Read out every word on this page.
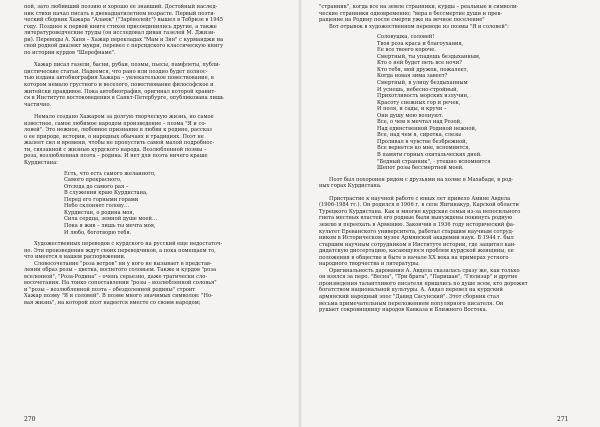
пой, зато любивший поэзию и хорошо ее знавший. Достойный наслед-

ник стихи начал писать в двенадцатилетнем возрасте. Первый поэти-

ческий сборник Хажара "Алаюк" ("Зарёволейс") вышел в Тебризе в 1945

году. Позднее к первой книге стихов присоединились другие, а также

литературоведческие труды (он исследовал диван газелей М. Джизи-

ри). Переводы А. Ханя – Хажар перекладах "Мам и Зин" с курманджи на

свой родной диалект мукри, перевел с персидского классическую книгу

по истории курдов "Шерефнаме".

Хажар писал газели, басни, рубаи, поэмы, пьесы, памфлеты, публи-

цистические статьи. Надеемся, что рано или поздно будет полнос-

тью издана автобиография Хажара – увлекательное повествование, в

котором немало грустного и веселого, повествование философское и

житейски правдивое. Пока автобиография, оригинал которой хранит-

ся в Институте востоковедения в Санкт-Петербурге, опубликована лишь

частично.

Немало создано Хажаром за долгую творческую жизнь, но самое

известное, самое любимое народом произведение – поэма "Я и со-

ловей". Это нежное, любовное признание в любви к родине, рассказ

о ее природе, истории, о народных обычаях и традициях. Поэт не

жалеет сил и времени, чтобы не пропустить самой малой подробнос-

ти, связанной с жизнью курдского народа. Возлюбленной поэмы –

роза, возлюбленная поэта – родина. И нет для поэта ничего краше

Курдистана:

Есть, что есть самого желанного,
Самого прекрасного,
Отсюда до самого рая –
В служении краю Курдистана,
Перед его горными горами
Небо склоняет голову…
Курдистан, о родина моя,
Сила сердца, земной душе моей…
Пока я жив – лишь ты мечта моя,
И любо, боготворю тебя.

Художественных переводов с курдского на русский еще недостаточ-

но. Эти произведения ждут своих переводчиков, а пока помещаем то,

что имеется в нашем распоряжении.

Словосочетание "роза ветров" ни у кого не вызывает в представ-

лении образ розы – цветка, воспетого соловьем. Также и курдов "роза

вселенной", "Роза-Родина" – очень серьезно, даже трагически сло-

восочетания. На тонко сопоставлении "розы – возлюбленной соловья"

и "розы – возлюбленной поэта – обездоленной родины" строит

Хажар поэму "Я и соловей". В поэме много значимых символов: "Но-

вая жизнь", на которой поэт надеется вместе со своим народом;

"странник", когда все на земле странники, курды – реальные и символи-

ческие странники одновременно; "вера в бессмертие души и прев-

ращение на Родину после смерти уже на вечное поселение"

Вот отрывок в художественном переводе из поэмы "Я и соловей":

Соловушка, соловей!
Твоя роза краса и благоухания,
Ее все твоего короче.
Смертный, ты упадешь бездыханным,
Кто о ней будет петь все ночи?
Кто тебя, мой дружок, пожалеет,
Когда новая зима завеет?
Смертный, в улицу бездыханным
И уснешь, небесно-стройный,
Прихотливость морских излучин,
Красоту снежных гор и речек,
И поля, и сады, и кручи –
Они душу мою волнуют.
Все, о чем я мечтал над Розой,
Над единственной Родиной нежной,
Все, над чем я, сиротка, слезы
Проливал в чувстве безбрежной,
Все вернется ко мне, вспомнится,
В памяти горных охитальческих дней.
"Бедный странник", - утешно вспомнится
Шепот розы бессмертной моей.

Поэт был похоронен рядом с друзьями на холме в Махабаде, в род-

ных горах Курдистана.

Пристрастие к научной работе с юных лет привело Амине Авдела

(1906-1984 гг.). Он родился в 1906 г. в селе Янгинакур, Карской области

Турецкого Курдистана. Как и многие курдские семьи из-за непосильного

гнета местных властей его родные были вынуждены покинуть родную

землю и переехать в Армению. Закончив в 1936 году исторический фа-

культет Ереванского университета, работал старшим научным сотруд-

ником в Историческом музее Армянской академии наук. В 1944 г. был

старшим научным сотрудником в Институте истории, где защитил кан-

дидатскую диссертацию, касающуюся проблем курдской женщины, ее

положения в обществе и быте в начале XX века на примерах устного

народного творчества и литературы.

Оригинальность дарования А. Авдела сказалась сразу же, как только

он взялся за перо. "Весна", "Три брата", "Паришан", "Гюлизар" и другие

произведения талантливого писателя пришлись по душе всем, кто дорожит

богатством национальной культуры. А. Авдал перевел на курдский

армянский народный эпос "Давид Сасунский". Этот сборник стал

весьма примечательным переложением популярного писателя. Он

рушает сокровищницу народов Кавказа и Ближнего Востока.

270	271
